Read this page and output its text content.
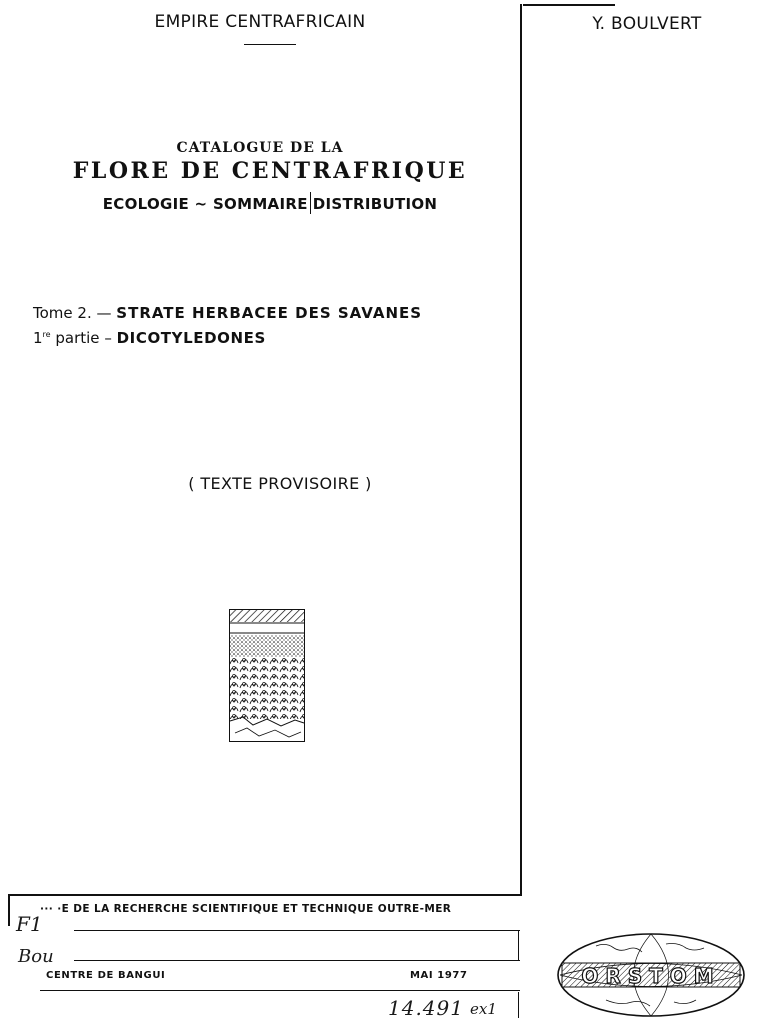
EMPIRE CENTRAFRICAIN	Y. BOULVERT
CATALOGUE DE LA
FLORE DE CENTRAFRIQUE
ECOLOGIE ~ SOMMAIRE DISTRIBUTION
Tome 2. — STRATE HERBACEE DES SAVANES
1re partie – DICOTYLEDONES
( TEXTE PROVISOIRE )
··· ·E DE LA RECHERCHE SCIENTIFIQUE ET TECHNIQUE OUTRE-MER
CENTRE DE BANGUI	MAI 1977
F1
Bou
14.491 ex1
ORSTOM
